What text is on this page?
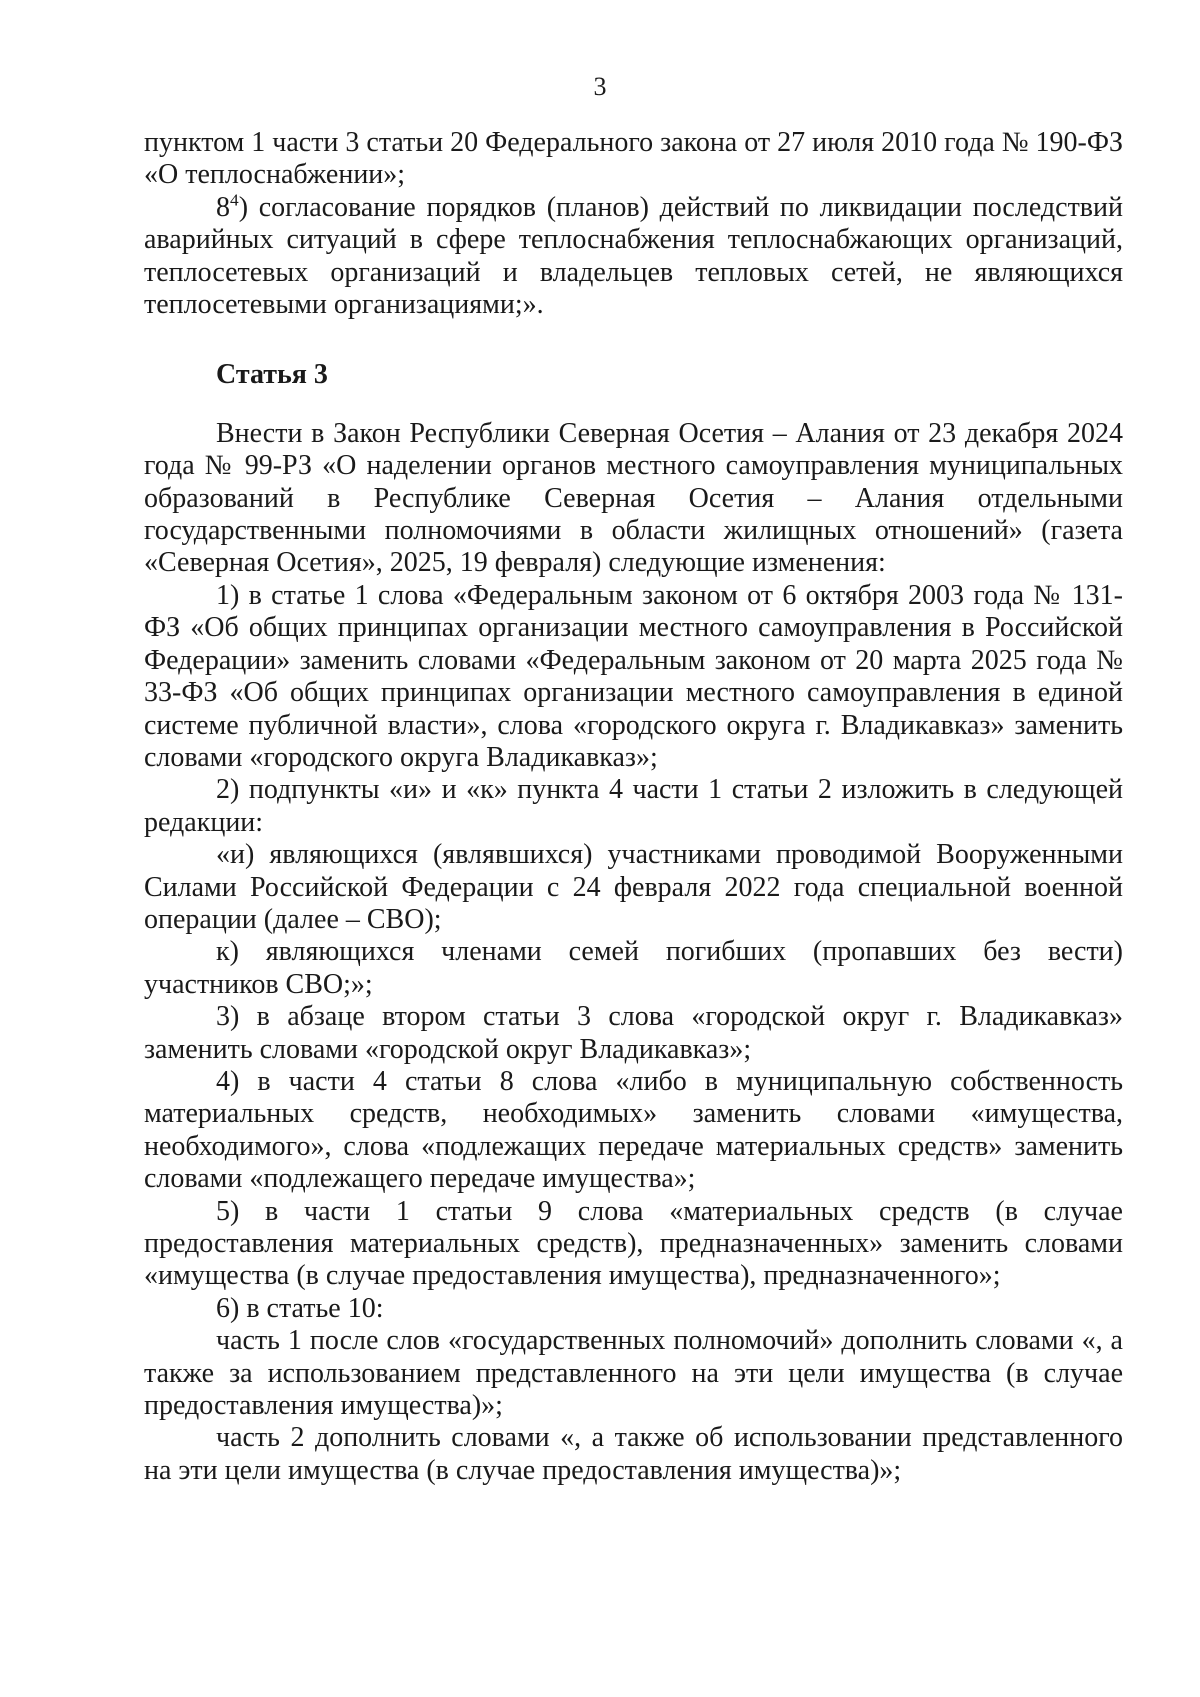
3

пунктом 1 части 3 статьи 20 Федерального закона от 27 июля 2010 года № 190-ФЗ «О теплоснабжении»;

$8^4$) согласование порядков (планов) действий по ликвидации последствий аварийных ситуаций в сфере теплоснабжения теплоснабжающих организаций, теплосетевых организаций и владельцев тепловых сетей, не являющихся теплосетевыми организациями;».

Статья 3

Внести в Закон Республики Северная Осетия – Алания от 23 декабря 2024 года № 99-РЗ «О наделении органов местного самоуправления муниципальных образований в Республике Северная Осетия – Алания отдельными государственными полномочиями в области жилищных отношений» (газета «Северная Осетия», 2025, 19 февраля) следующие изменения:

1) в статье 1 слова «Федеральным законом от 6 октября 2003 года № 131-ФЗ «Об общих принципах организации местного самоуправления в Российской Федерации» заменить словами «Федеральным законом от 20 марта 2025 года № 33-ФЗ «Об общих принципах организации местного самоуправления в единой системе публичной власти», слова «городского округа г. Владикавказ» заменить словами «городского округа Владикавказ»;

2) подпункты «и» и «к» пункта 4 части 1 статьи 2 изложить в следующей редакции:

«и) являющихся (являвшихся) участниками проводимой Вооруженными Силами Российской Федерации с 24 февраля 2022 года специальной военной операции (далее – СВО);

к) являющихся членами семей погибших (пропавших без вести) участников СВО;»;

3) в абзаце втором статьи 3 слова «городской округ г. Владикавказ» заменить словами «городской округ Владикавказ»;

4) в части 4 статьи 8 слова «либо в муниципальную собственность материальных средств, необходимых» заменить словами «имущества, необходимого», слова «подлежащих передаче материальных средств» заменить словами «подлежащего передаче имущества»;

5) в части 1 статьи 9 слова «материальных средств (в случае предоставления материальных средств), предназначенных» заменить словами «имущества (в случае предоставления имущества), предназначенного»;

6) в статье 10:

часть 1 после слов «государственных полномочий» дополнить словами «, а также за использованием представленного на эти цели имущества (в случае предоставления имущества)»;

часть 2 дополнить словами «, а также об использовании представленного на эти цели имущества (в случае предоставления имущества)»;
